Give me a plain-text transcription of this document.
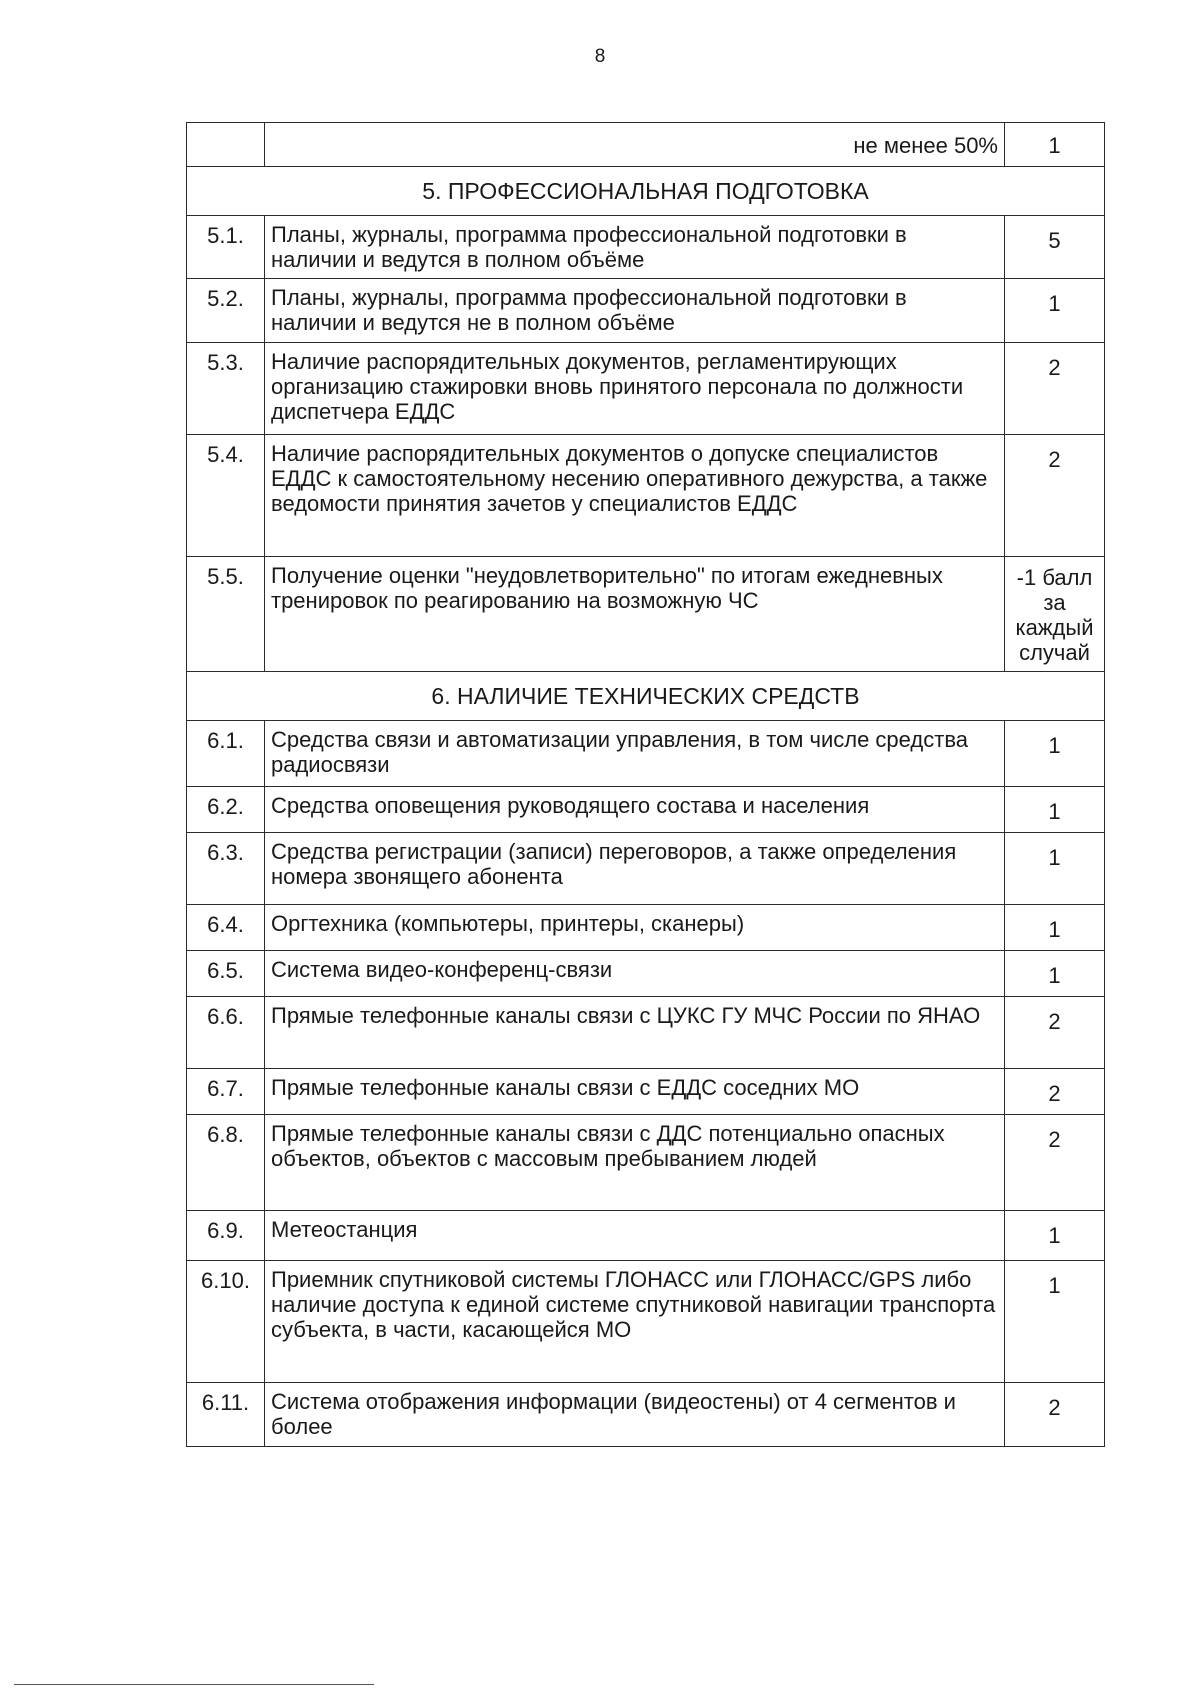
8
	не менее 50%	1
5. ПРОФЕССИОНАЛЬНАЯ ПОДГОТОВКА		
5.1.	Планы, журналы, программа профессиональной подготовки в наличии и ведутся в полном объёме	5
5.2.	Планы, журналы, программа профессиональной подготовки в наличии и ведутся не в полном объёме	1
5.3.	Наличие распорядительных документов, регламентирующих организацию стажировки вновь принятого персонала по должности диспетчера ЕДДС	2
5.4.	Наличие распорядительных документов о допуске специалистов ЕДДС к самостоятельному несению оперативного дежурства, а также ведомости принятия зачетов у специалистов ЕДДС	2
5.5.	Получение оценки "неудовлетворительно" по итогам ежедневных тренировок по реагированию на возможную ЧС	-1 балл за каждый случай
6. НАЛИЧИЕ ТЕХНИЧЕСКИХ СРЕДСТВ		
6.1.	Средства связи и автоматизации управления, в том числе средства радиосвязи	1
6.2.	Средства оповещения руководящего состава и населения	1
6.3.	Средства регистрации (записи) переговоров, а также определения номера звонящего абонента	1
6.4.	Оргтехника (компьютеры, принтеры, сканеры)	1
6.5.	Система видео-конференц-связи	1
6.6.	Прямые телефонные каналы связи с ЦУКС ГУ МЧС России по ЯНАО	2
6.7.	Прямые телефонные каналы связи с ЕДДС соседних МО	2
6.8.	Прямые телефонные каналы связи с ДДС потенциально опасных объектов, объектов с массовым пребыванием людей	2
6.9.	Метеостанция	1
6.10.	Приемник спутниковой системы ГЛОНАСС или ГЛОНАСС/GPS либо наличие доступа к единой системе спутниковой навигации транспорта субъекта, в части, касающейся МО	1
6.11.	Система отображения информации (видеостены) от 4 сегментов и более	2
